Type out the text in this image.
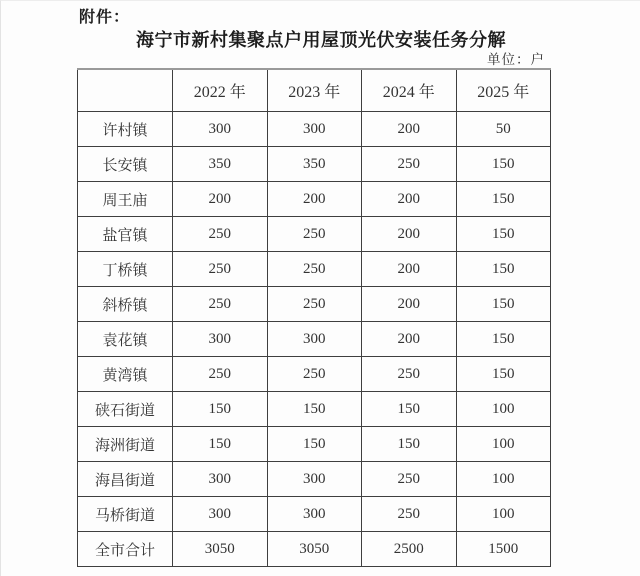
附件：
海宁市新村集聚点户用屋顶光伏安装任务分解
单位：户
	2022 年	2023 年	2024 年	2025 年
许村镇	300	300	200	50
长安镇	350	350	250	150
周王庙	200	200	200	150
盐官镇	250	250	200	150
丁桥镇	250	250	200	150
斜桥镇	250	250	200	150
袁花镇	300	300	200	150
黄湾镇	250	250	250	150
硖石街道	150	150	150	100
海洲街道	150	150	150	100
海昌街道	300	300	250	100
马桥街道	300	300	250	100
全市合计	3050	3050	2500	1500
